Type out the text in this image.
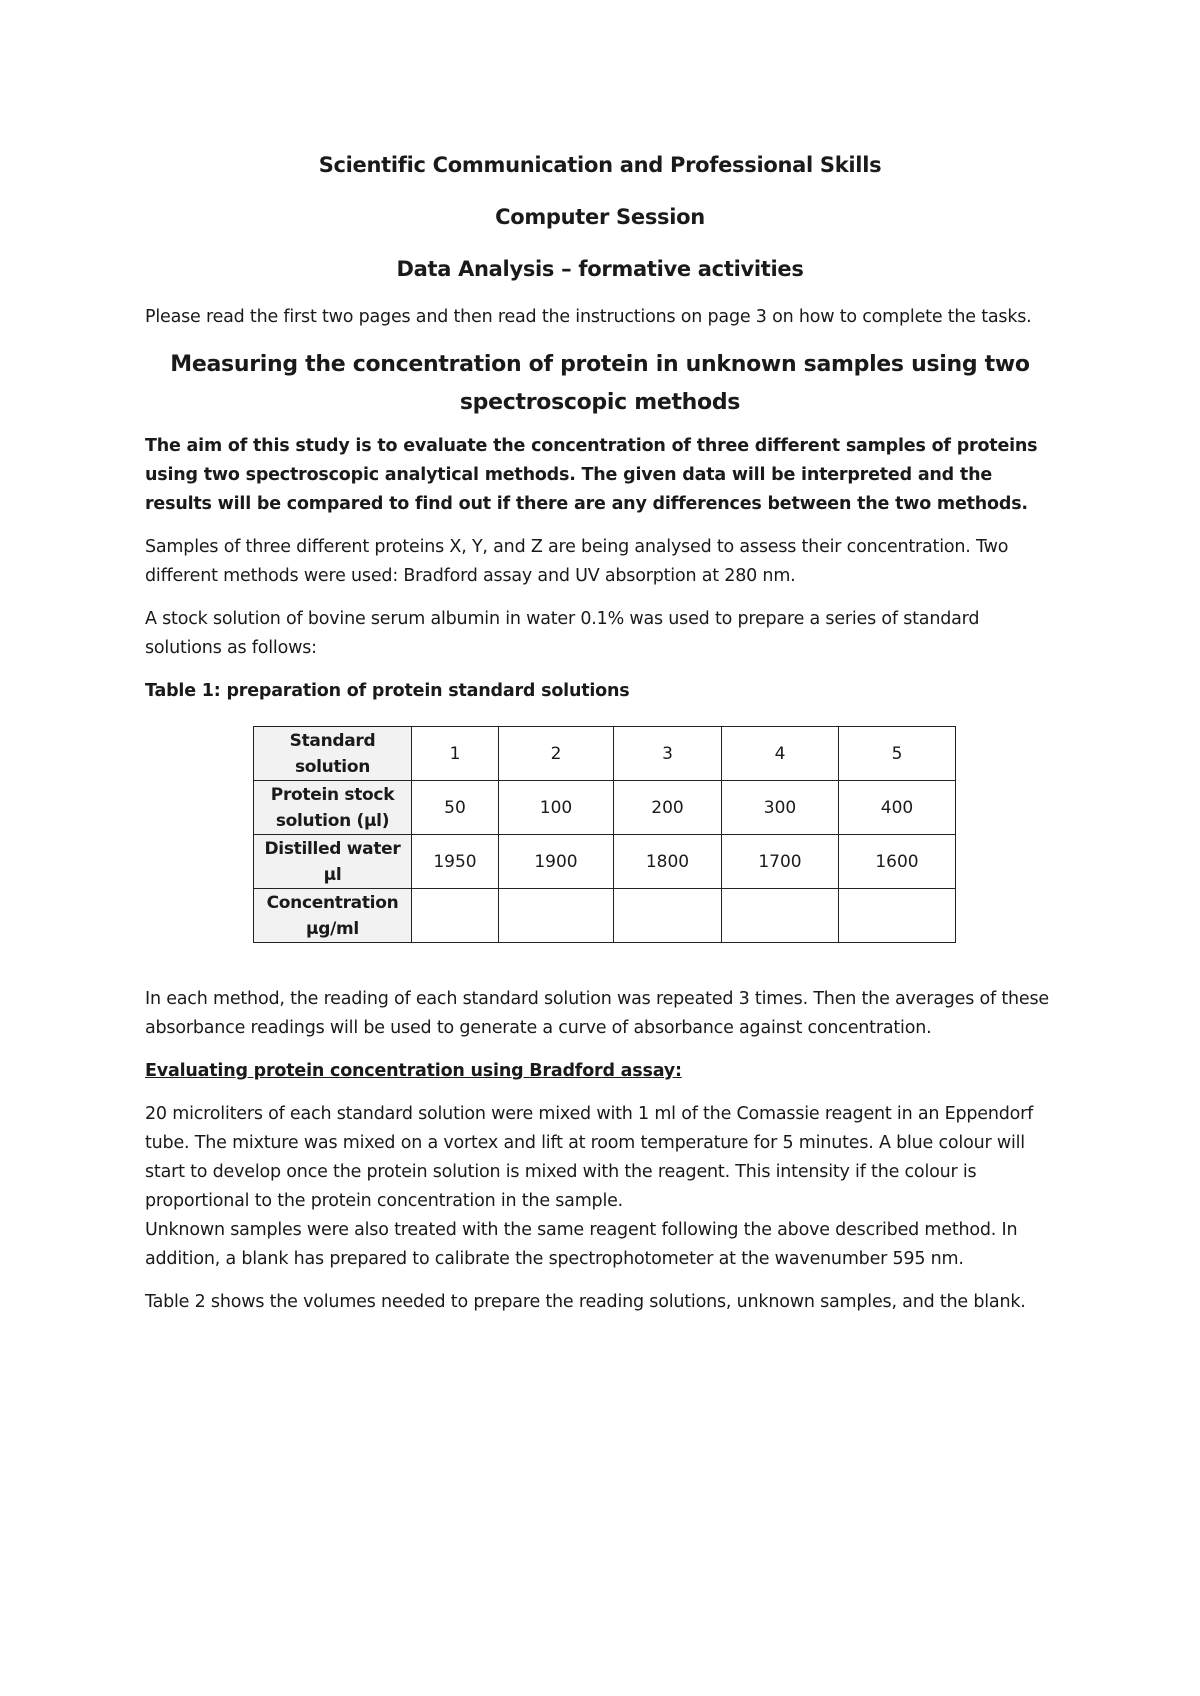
Scientific Communication and Professional Skills
Computer Session
Data Analysis – formative activities

Please read the first two pages and then read the instructions on page 3 on how to complete the tasks.

Measuring the concentration of protein in unknown samples using two spectroscopic methods

The aim of this study is to evaluate the concentration of three different samples of proteins using two spectroscopic analytical methods. The given data will be interpreted and the results will be compared to find out if there are any differences between the two methods.

Samples of three different proteins X, Y, and Z are being analysed to assess their concentration. Two different methods were used: Bradford assay and UV absorption at 280 nm.

A stock solution of bovine serum albumin in water 0.1% was used to prepare a series of standard solutions as follows:

Table 1: preparation of protein standard solutions

Standard solution	1	2	3	4	5
Protein stock solution (µl)	50	100	200	300	400
Distilled water µl	1950	1900	1800	1700	1600
Concentration µg/ml					

In each method, the reading of each standard solution was repeated 3 times. Then the averages of these absorbance readings will be used to generate a curve of absorbance against concentration.

Evaluating protein concentration using Bradford assay:

20 microliters of each standard solution were mixed with 1 ml of the Comassie reagent in an Eppendorf tube. The mixture was mixed on a vortex and lift at room temperature for 5 minutes. A blue colour will start to develop once the protein solution is mixed with the reagent. This intensity if the colour is proportional to the protein concentration in the sample.

Unknown samples were also treated with the same reagent following the above described method. In addition, a blank has prepared to calibrate the spectrophotometer at the wavenumber 595 nm.

Table 2 shows the volumes needed to prepare the reading solutions, unknown samples, and the blank.
